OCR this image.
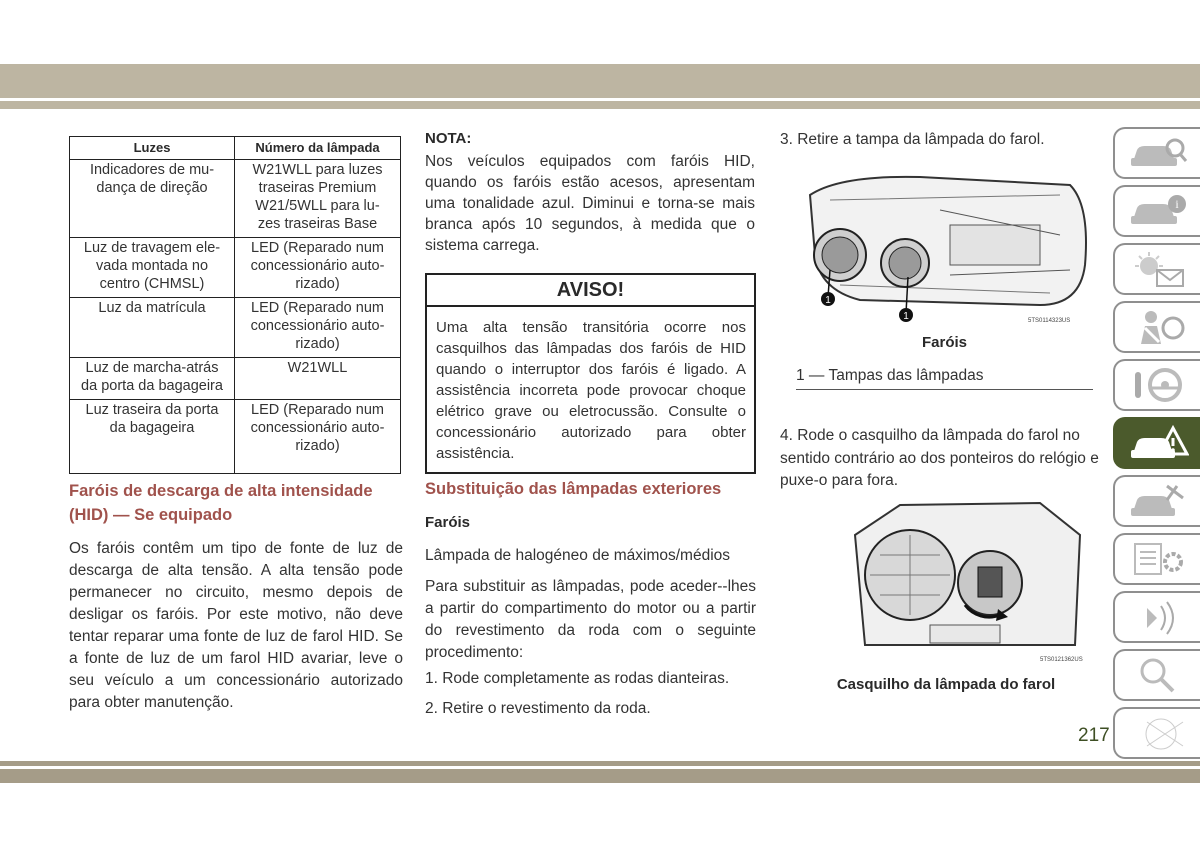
Luzes	Número da lâmpada
Indicadores de mu-
dança de direção	W21WLL para luzes
traseiras Premium
W21/5WLL para lu-
zes traseiras Base
Luz de travagem ele-
vada montada no
centro (CHMSL)	LED (Reparado num
concessionário auto-
rizado)
Luz da matrícula	LED (Reparado num
concessionário auto-
rizado)
Luz de marcha-atrás
da porta da bagageira	W21WLL
Luz traseira da porta
da bagageira	LED (Reparado num
concessionário auto-
rizado)
Faróis de descarga de alta intensidade (HID) — Se equipado
Os faróis contêm um tipo de fonte de luz de descarga de alta tensão. A alta tensão pode permanecer no circuito, mesmo depois de desligar os faróis. Por este motivo, não deve tentar reparar uma fonte de luz de farol HID. Se a fonte de luz de um farol HID avariar, leve o seu veículo a um concessionário autorizado para obter manutenção.
NOTA:
Nos veículos equipados com faróis HID, quando os faróis estão acesos, apresentam uma tonalidade azul. Diminui e torna-se mais branca após 10 segundos, à medida que o sistema carrega.
AVISO!
Uma alta tensão transitória ocorre nos casquilhos das lâmpadas dos faróis de HID quando o interruptor dos faróis é ligado. A assistência incorreta pode provocar choque elétrico grave ou eletrocussão. Consulte o concessionário autorizado para obter assistência.
Substituição das lâmpadas exteriores
Faróis
Lâmpada de halogéneo de máximos/médios
Para substituir as lâmpadas, pode aceder--lhes a partir do compartimento do motor ou a partir do revestimento da roda com o seguinte procedimento:
1. Rode completamente as rodas dianteiras.
2. Retire o revestimento da roda.
3. Retire a tampa da lâmpada do farol.
1
1	5TS0114323US
Faróis
1 — Tampas das lâmpadas
4. Rode o casquilho da lâmpada do farol no sentido contrário ao dos ponteiros do relógio e puxe-o para fora.
5TS0121362US
Casquilho da lâmpada do farol
i
217
